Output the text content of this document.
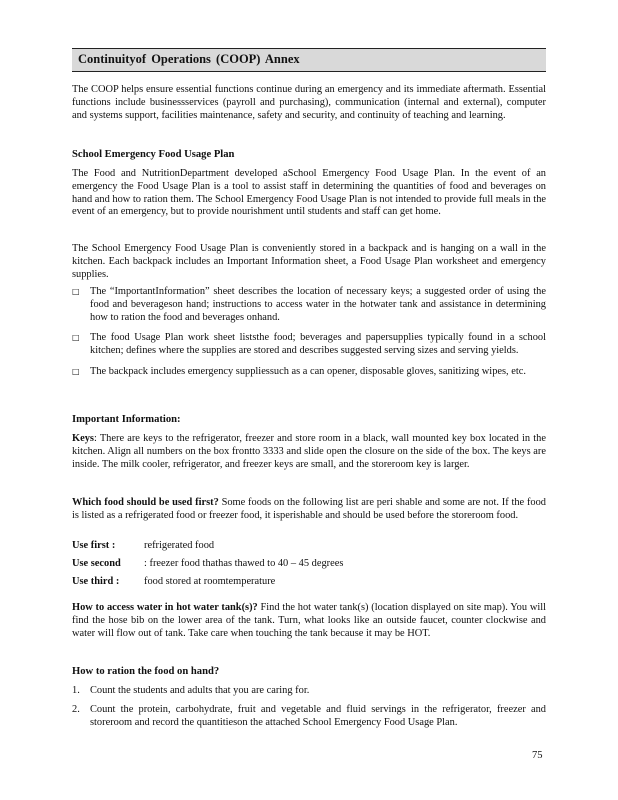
Continuityof Operations (COOP) Annex

The COOP helps ensure essential functions continue during an emergency and its immediate aftermath. Essential functions include businessservices (payroll and purchasing), communication (internal and external), computer and systems support, facilities maintenance, safety and security, and continuity of teaching and learning.

School Emergency Food Usage Plan

The Food and NutritionDepartment developed aSchool Emergency Food Usage Plan. In the event of an emergency the Food Usage Plan is a tool to assist staff in determining the quantities of food and beverages on hand and how to ration them. The School Emergency Food Usage Plan is not intended to provide full meals in the event of an emergency, but to provide nourishment until students and staff can get home.

The School Emergency Food Usage Plan is conveniently stored in a backpack and is hanging on a wall in the kitchen. Each backpack includes an Important Information sheet, a Food Usage Plan worksheet and emergency supplies.

□ The “ImportantInformation” sheet describes the location of necessary keys; a suggested order of using the food and beverageson hand; instructions to access water in the hotwater tank and assistance in determining how to ration the food and beverages onhand.
□ The food Usage Plan work sheet liststhe food; beverages and papersupplies typically found in a school kitchen; defines where the supplies are stored and describes suggested serving sizes and serving yields.
□ The backpack includes emergency suppliessuch as a can opener, disposable gloves, sanitizing wipes, etc.

Important Information:

Keys: There are keys to the refrigerator, freezer and store room in a black, wall mounted key box located in the kitchen. Align all numbers on the box frontto 3333 and slide open the closure on the side of the box. The keys are inside. The milk cooler, refrigerator, and freezer keys are small, and the storeroom key is larger.

Which food should be used first? Some foods on the following list are peri shable and some are not. If the food is listed as a refrigerated food or freezer food, it isperishable and should be used before the storeroom food.

Use first :	refrigerated food
Use second : freezer food thathas thawed to 40 – 45 degrees
Use third : food stored at roomtemperature

How to access water in hot water tank(s)? Find the hot water tank(s) (location displayed on site map). You will find the hose bib on the lower area of the tank. Turn, what looks like an outside faucet, counter clockwise and water will flow out of tank. Take care when touching the tank because it may be HOT.

How to ration the food on hand?

1. Count the students and adults that you are caring for.
2. Count the protein, carbohydrate, fruit and vegetable and fluid servings in the refrigerator, freezer and storeroom and record the quantitieson the attached School Emergency Food Usage Plan.
75
